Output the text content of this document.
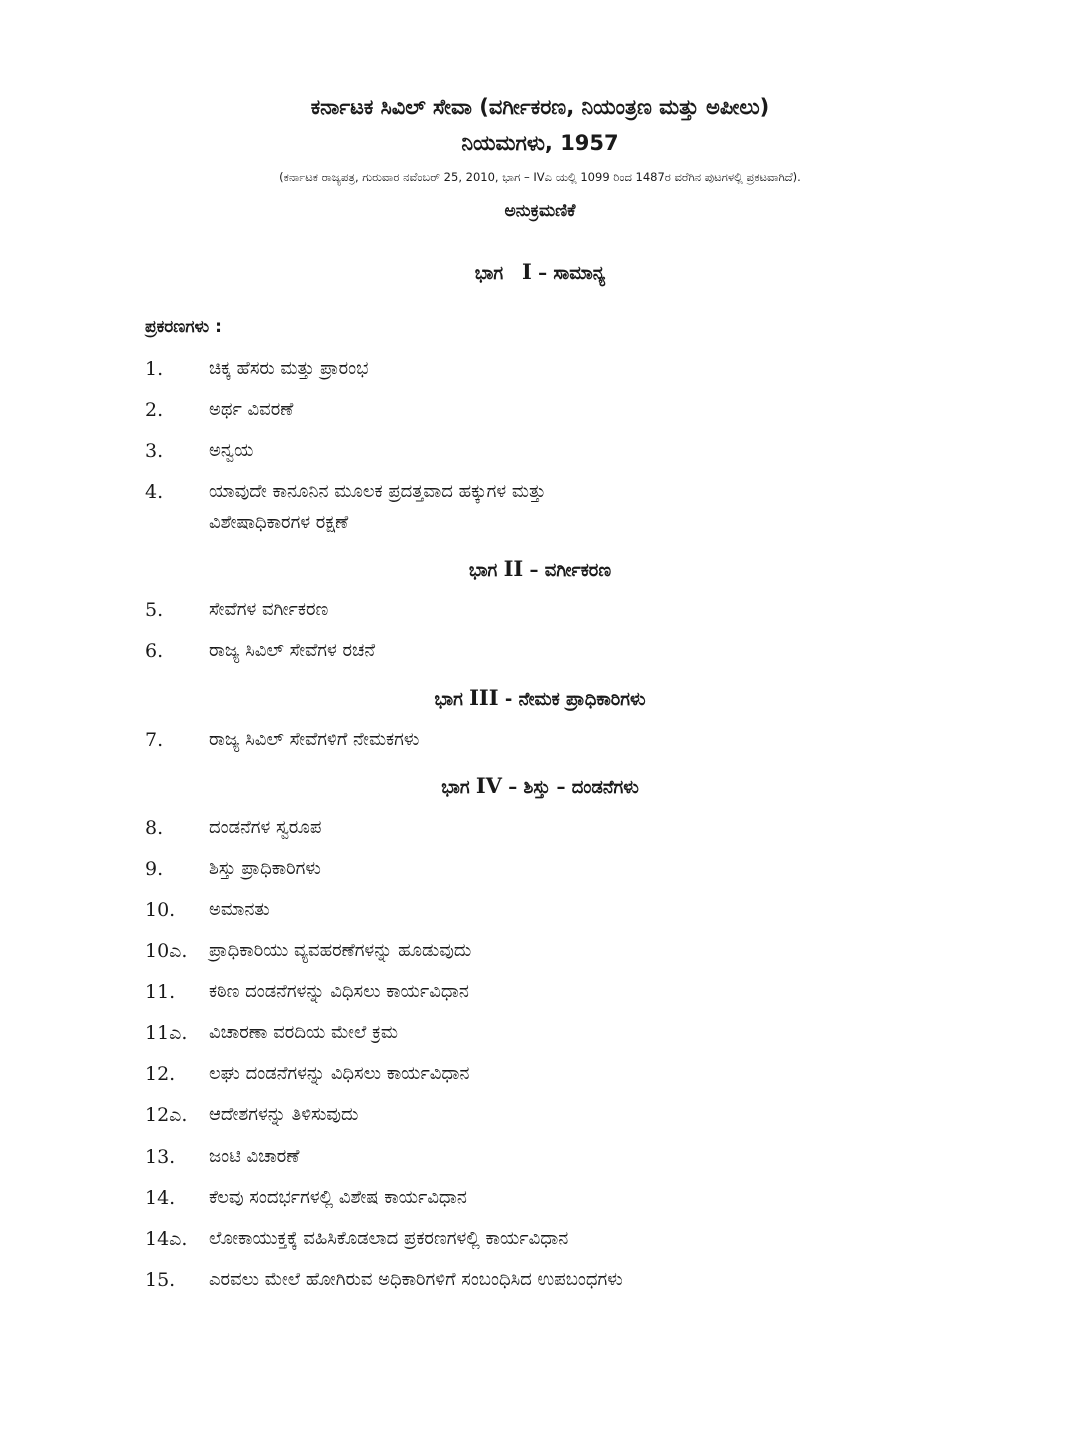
ಕರ್ನಾಟಕ ಸಿವಿಲ್ ಸೇವಾ (ವರ್ಗೀಕರಣ, ನಿಯಂತ್ರಣ ಮತ್ತು ಅಪೀಲು)
ನಿಯಮಗಳು, 1957
(ಕರ್ನಾಟಕ ರಾಜ್ಯಪತ್ರ, ಗುರುವಾರ ನವೆಂಬರ್ 25, 2010, ಭಾಗ – IVಎ ಯಲ್ಲಿ 1099 ರಿಂದ 1487ರ ವರೆಗಿನ ಪುಟಗಳಲ್ಲಿ ಪ್ರಕಟವಾಗಿದೆ).
ಅನುಕ್ರಮಣಿಕೆ
ಭಾಗ I – ಸಾಮಾನ್ಯ
ಪ್ರಕರಣಗಳು :
1.	ಚಿಕ್ಕ ಹೆಸರು ಮತ್ತು ಪ್ರಾರಂಭ
2.	ಅರ್ಥ ವಿವರಣೆ
3.	ಅನ್ವಯ
4.	ಯಾವುದೇ ಕಾನೂನಿನ ಮೂಲಕ ಪ್ರದತ್ತವಾದ ಹಕ್ಕುಗಳ ಮತ್ತು
ವಿಶೇಷಾಧಿಕಾರಗಳ ರಕ್ಷಣೆ
ಭಾಗ II – ವರ್ಗೀಕರಣ
5.	ಸೇವೆಗಳ ವರ್ಗೀಕರಣ
6.	ರಾಜ್ಯ ಸಿವಿಲ್ ಸೇವೆಗಳ ರಚನೆ
ಭಾಗ III - ನೇಮಕ ಪ್ರಾಧಿಕಾರಿಗಳು
7.	ರಾಜ್ಯ ಸಿವಿಲ್ ಸೇವೆಗಳಿಗೆ ನೇಮಕಗಳು
ಭಾಗ IV – ಶಿಸ್ತು – ದಂಡನೆಗಳು
8.	ದಂಡನೆಗಳ ಸ್ವರೂಪ
9.	ಶಿಸ್ತು ಪ್ರಾಧಿಕಾರಿಗಳು
10.	ಅಮಾನತು
10ಎ.	ಪ್ರಾಧಿಕಾರಿಯು ವ್ಯವಹರಣೆಗಳನ್ನು ಹೂಡುವುದು
11.	ಕಠಿಣ ದಂಡನೆಗಳನ್ನು ವಿಧಿಸಲು ಕಾರ್ಯವಿಧಾನ
11ಎ.	ವಿಚಾರಣಾ ವರದಿಯ ಮೇಲೆ ಕ್ರಮ
12.	ಲಘು ದಂಡನೆಗಳನ್ನು ವಿಧಿಸಲು ಕಾರ್ಯವಿಧಾನ
12ಎ.	ಆದೇಶಗಳನ್ನು ತಿಳಿಸುವುದು
13.	ಜಂಟಿ ವಿಚಾರಣೆ
14.	ಕೆಲವು ಸಂದರ್ಭಗಳಲ್ಲಿ ವಿಶೇಷ ಕಾರ್ಯವಿಧಾನ
14ಎ.	ಲೋಕಾಯುಕ್ತಕ್ಕೆ ವಹಿಸಿಕೊಡಲಾದ ಪ್ರಕರಣಗಳಲ್ಲಿ ಕಾರ್ಯವಿಧಾನ
15.	ಎರವಲು ಮೇಲೆ ಹೋಗಿರುವ ಅಧಿಕಾರಿಗಳಿಗೆ ಸಂಬಂಧಿಸಿದ ಉಪಬಂಧಗಳು
